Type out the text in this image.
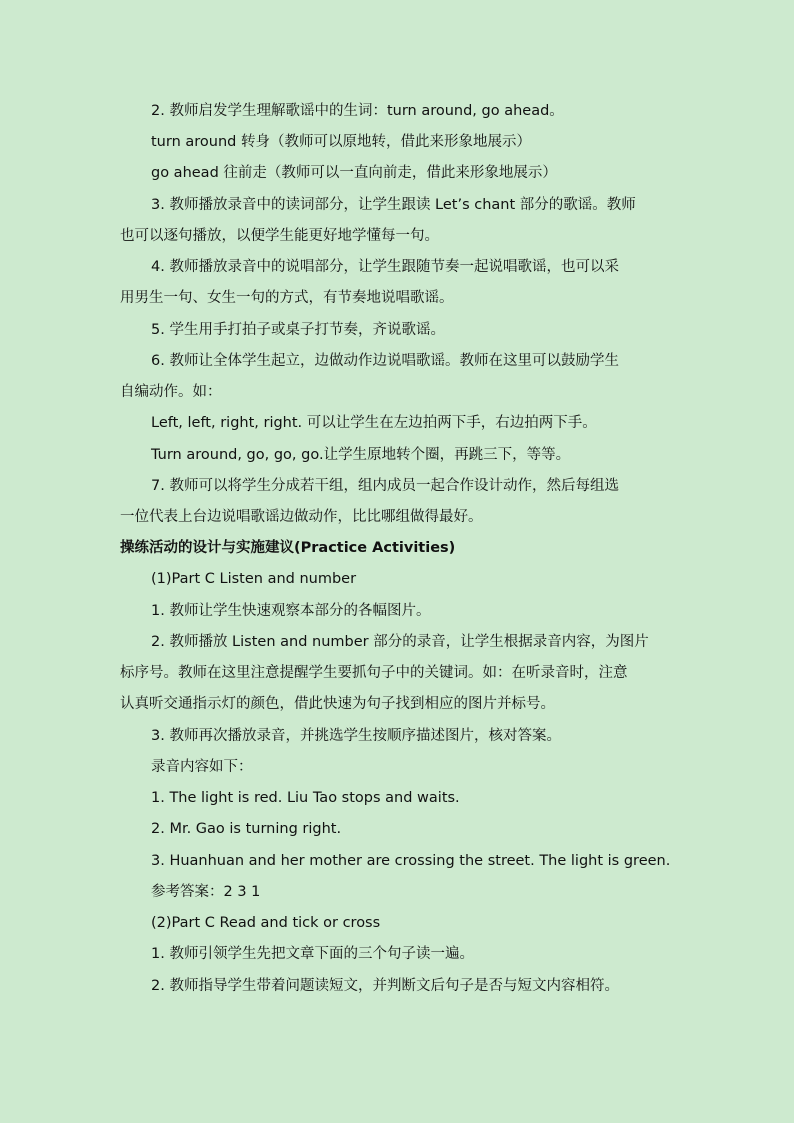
2. 教师启发学生理解歌谣中的生词：turn around, go ahead。
turn around 转身（教师可以原地转，借此来形象地展示）
go ahead 往前走（教师可以一直向前走，借此来形象地展示）
3. 教师播放录音中的读词部分，让学生跟读 Let’s chant 部分的歌谣。教师
也可以逐句播放，以便学生能更好地学懂每一句。
4. 教师播放录音中的说唱部分，让学生跟随节奏一起说唱歌谣，也可以采
用男生一句、女生一句的方式，有节奏地说唱歌谣。
5. 学生用手打拍子或桌子打节奏，齐说歌谣。
6. 教师让全体学生起立，边做动作边说唱歌谣。教师在这里可以鼓励学生
自编动作。如：
Left, left, right, right. 可以让学生在左边拍两下手，右边拍两下手。
Turn around, go, go, go.让学生原地转个圈，再跳三下，等等。
7. 教师可以将学生分成若干组，组内成员一起合作设计动作，然后每组选
一位代表上台边说唱歌谣边做动作，比比哪组做得最好。
操练活动的设计与实施建议(Practice Activities)
(1)Part C Listen and number
1. 教师让学生快速观察本部分的各幅图片。
2. 教师播放 Listen and number 部分的录音，让学生根据录音内容，为图片
标序号。教师在这里注意提醒学生要抓句子中的关键词。如：在听录音时，注意
认真听交通指示灯的颜色，借此快速为句子找到相应的图片并标号。
3. 教师再次播放录音，并挑选学生按顺序描述图片，核对答案。
录音内容如下：
1. The light is red. Liu Tao stops and waits.
2. Mr. Gao is turning right.
3. Huanhuan and her mother are crossing the street. The light is green.
参考答案：2 3 1
(2)Part C Read and tick or cross
1. 教师引领学生先把文章下面的三个句子读一遍。
2. 教师指导学生带着问题读短文，并判断文后句子是否与短文内容相符。
